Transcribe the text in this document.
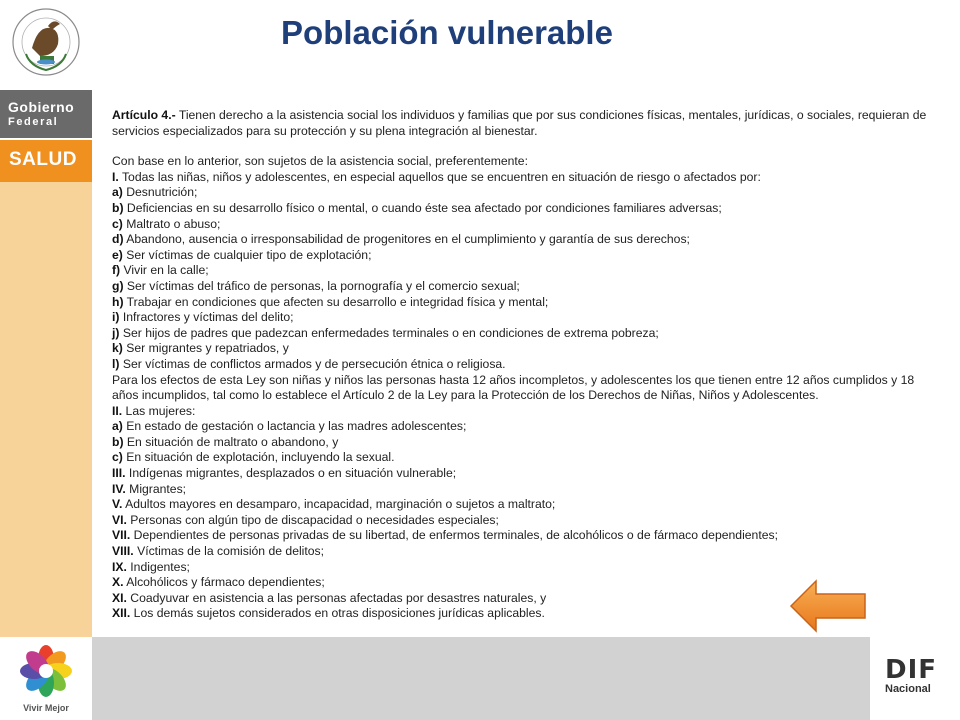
Gobierno
Federal
SALUD
Vivir Mejor
Población vulnerable

Artículo 4.- Tienen derecho a la asistencia social los individuos y familias que por sus condiciones físicas, mentales, jurídicas, o sociales, requieran de servicios especializados para su protección y su plena integración al bienestar.

Con base en lo anterior, son sujetos de la asistencia social, preferentemente:

I. Todas las niñas, niños y adolescentes, en especial aquellos que se encuentren en situación de riesgo o afectados por:

a) Desnutrición;

b) Deficiencias en su desarrollo físico o mental, o cuando éste sea afectado por condiciones familiares adversas;

c) Maltrato o abuso;

d) Abandono, ausencia o irresponsabilidad de progenitores en el cumplimiento y garantía de sus derechos;

e) Ser víctimas de cualquier tipo de explotación;

f) Vivir en la calle;

g) Ser víctimas del tráfico de personas, la pornografía y el comercio sexual;

h) Trabajar en condiciones que afecten su desarrollo e integridad física y mental;

i) Infractores y víctimas del delito;

j) Ser hijos de padres que padezcan enfermedades terminales o en condiciones de extrema pobreza;

k) Ser migrantes y repatriados, y

l) Ser víctimas de conflictos armados y de persecución étnica o religiosa.

Para los efectos de esta Ley son niñas y niños las personas hasta 12 años incompletos, y adolescentes los que tienen entre 12 años cumplidos y 18 años incumplidos, tal como lo establece el Artículo 2 de la Ley para la Protección de los Derechos de Niñas, Niños y Adolescentes.

II. Las mujeres:

a) En estado de gestación o lactancia y las madres adolescentes;

b) En situación de maltrato o abandono, y

c) En situación de explotación, incluyendo la sexual.

III. Indígenas migrantes, desplazados o en situación vulnerable;

IV. Migrantes;

V. Adultos mayores en desamparo, incapacidad, marginación o sujetos a maltrato;

VI. Personas con algún tipo de discapacidad o necesidades especiales;

VII. Dependientes de personas privadas de su libertad, de enfermos terminales, de alcohólicos o de fármaco dependientes;

VIII. Víctimas de la comisión de delitos;

IX. Indigentes;

X. Alcohólicos y fármaco dependientes;

XI. Coadyuvar en asistencia a las personas afectadas por desastres naturales, y

XII. Los demás sujetos considerados en otras disposiciones jurídicas aplicables.

DIF
Nacional
